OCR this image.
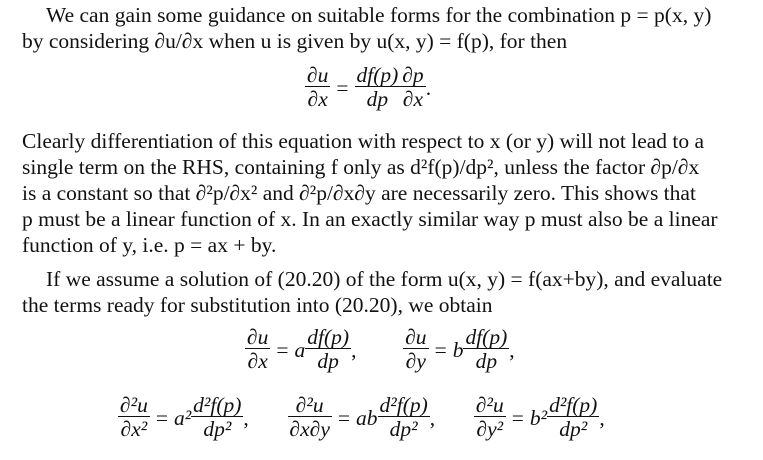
We can gain some guidance on suitable forms for the combination p = p(x, y)
by considering ∂u/∂x when u is given by u(x, y) = f(p), for then
$\frac{\partial u}{\partial x} = \frac{df(p)}{dp} \frac{\partial p}{\partial x}$ .
Clearly differentiation of this equation with respect to x (or y) will not lead to a
single term on the RHS, containing f only as d²f(p)/dp², unless the factor ∂p/∂x
is a constant so that ∂²p/∂x² and ∂²p/∂x∂y are necessarily zero. This shows that
p must be a linear function of x. In an exactly similar way p must also be a linear
function of y, i.e. p = ax + by.
If we assume a solution of (20.20) of the form u(x, y) = f(ax+by), and evaluate
the terms ready for substitution into (20.20), we obtain
$\frac{\partial u}{\partial x} = a \frac{df(p)}{dp}$ , $\frac{\partial u}{\partial y} = b \frac{df(p)}{dp}$ ,
$\frac{\text{∂²u}}{\text{∂x²}} = a^2 \frac{\text{d²f(p)}}{\text{dp²}}$ , $\frac{\text{∂²u}}{\partial x\partial y}$ = ab $\frac{\text{d²f(p)}}{\text{dp²}}$ , $\frac{\text{∂²u}}{\text{∂y²}} = b^2 \frac{\text{d²f(p)}}{\text{dp²}}$ ,
